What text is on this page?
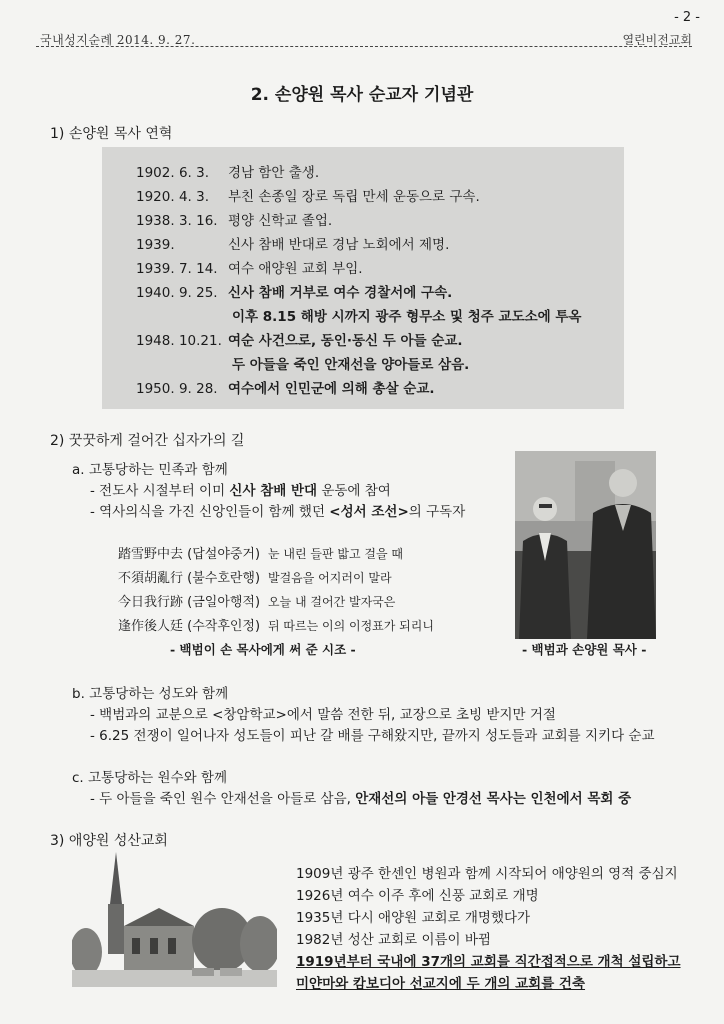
- 2 -
국내성지순례 2014. 9. 27.	열린비전교회
2. 손양원 목사 순교자 기념관
1) 손양원 목사 연혁
1902. 6. 3. 경남 함안 출생.
1920. 4. 3. 부친 손종일 장로 독립 만세 운동으로 구속.
1938. 3. 16. 평양 신학교 졸업.
1939.	신사 참배 반대로 경남 노회에서 제명.
1939. 7. 14. 여수 애양원 교회 부임.
1940. 9. 25. 신사 참배 거부로 여수 경찰서에 구속.
이후 8.15 해방 시까지 광주 형무소 및 청주 교도소에 투옥
1948. 10.21. 여순 사건으로, 동인·동신 두 아들 순교.
두 아들을 죽인 안재선을 양아들로 삼음.
1950. 9. 28. 여수에서 인민군에 의해 총살 순교.
2) 꿋꿋하게 걸어간 십자가의 길
a. 고통당하는 민족과 함께
- 전도사 시절부터 이미 신사 참배 반대 운동에 참여
- 역사의식을 가진 신앙인들이 함께 했던 <성서 조선>의 구독자
踏雪野中去 (답설야중거) 눈 내린 들판 밟고 걸을 때
不須胡亂行 (불수호란행) 발걸음을 어지러이 말라
今日我行跡 (금일아행적) 오늘 내 걸어간 발자국은
逢作後人廷 (수작후인정) 뒤 따르는 이의 이정표가 되리니
- 백범이 손 목사에게 써 준 시조 -	- 백범과 손양원 목사 -
b. 고통당하는 성도와 함께
- 백범과의 교분으로 <창암학교>에서 말씀 전한 뒤, 교장으로 초빙 받지만 거절
- 6.25 전쟁이 일어나자 성도들이 피난 갈 배를 구해왔지만, 끝까지 성도들과 교회를 지키다 순교
c. 고통당하는 원수와 함께
- 두 아들을 죽인 원수 안재선을 아들로 삼음, 안재선의 아들 안경선 목사는 인천에서 목회 중
3) 애양원 성산교회
1909년 광주 한센인 병원과 함께 시작되어 애양원의 영적 중심지
1926년 여수 이주 후에 신풍 교회로 개명
1935년 다시 애양원 교회로 개명했다가
1982년 성산 교회로 이름이 바뀜
1919년부터 국내에 37개의 교회를 직간접적으로 개척 설립하고
미얀마와 캄보디아 선교지에 두 개의 교회를 건축
